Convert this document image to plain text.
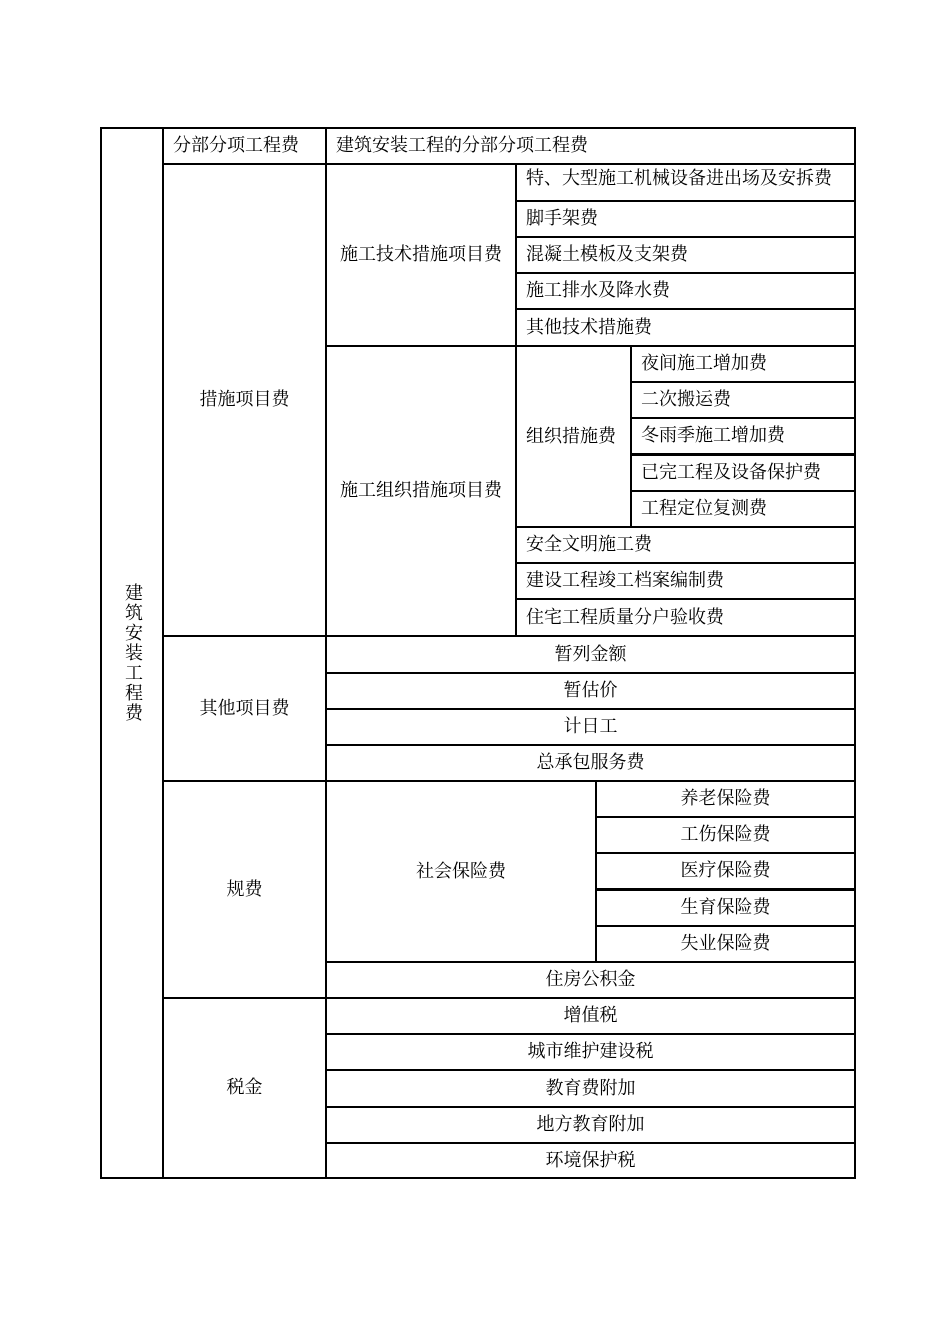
建筑安装工程费
分部分项工程费 建筑安装工程的分部分项工程费
措施项目费
施工技术措施项目费
特、大型施工机械设备进出场及安拆费
脚手架费
混凝土模板及支架费
施工排水及降水费
其他技术措施费
施工组织措施项目费
组织措施费
夜间施工增加费
二次搬运费
冬雨季施工增加费
已完工程及设备保护费
工程定位复测费
安全文明施工费
建设工程竣工档案编制费
住宅工程质量分户验收费
其他项目费
暂列金额
暂估价
计日工
总承包服务费
规费
社会保险费
养老保险费
工伤保险费
医疗保险费
生育保险费
失业保险费
住房公积金
税金
增值税
城市维护建设税
教育费附加
地方教育附加
环境保护税
